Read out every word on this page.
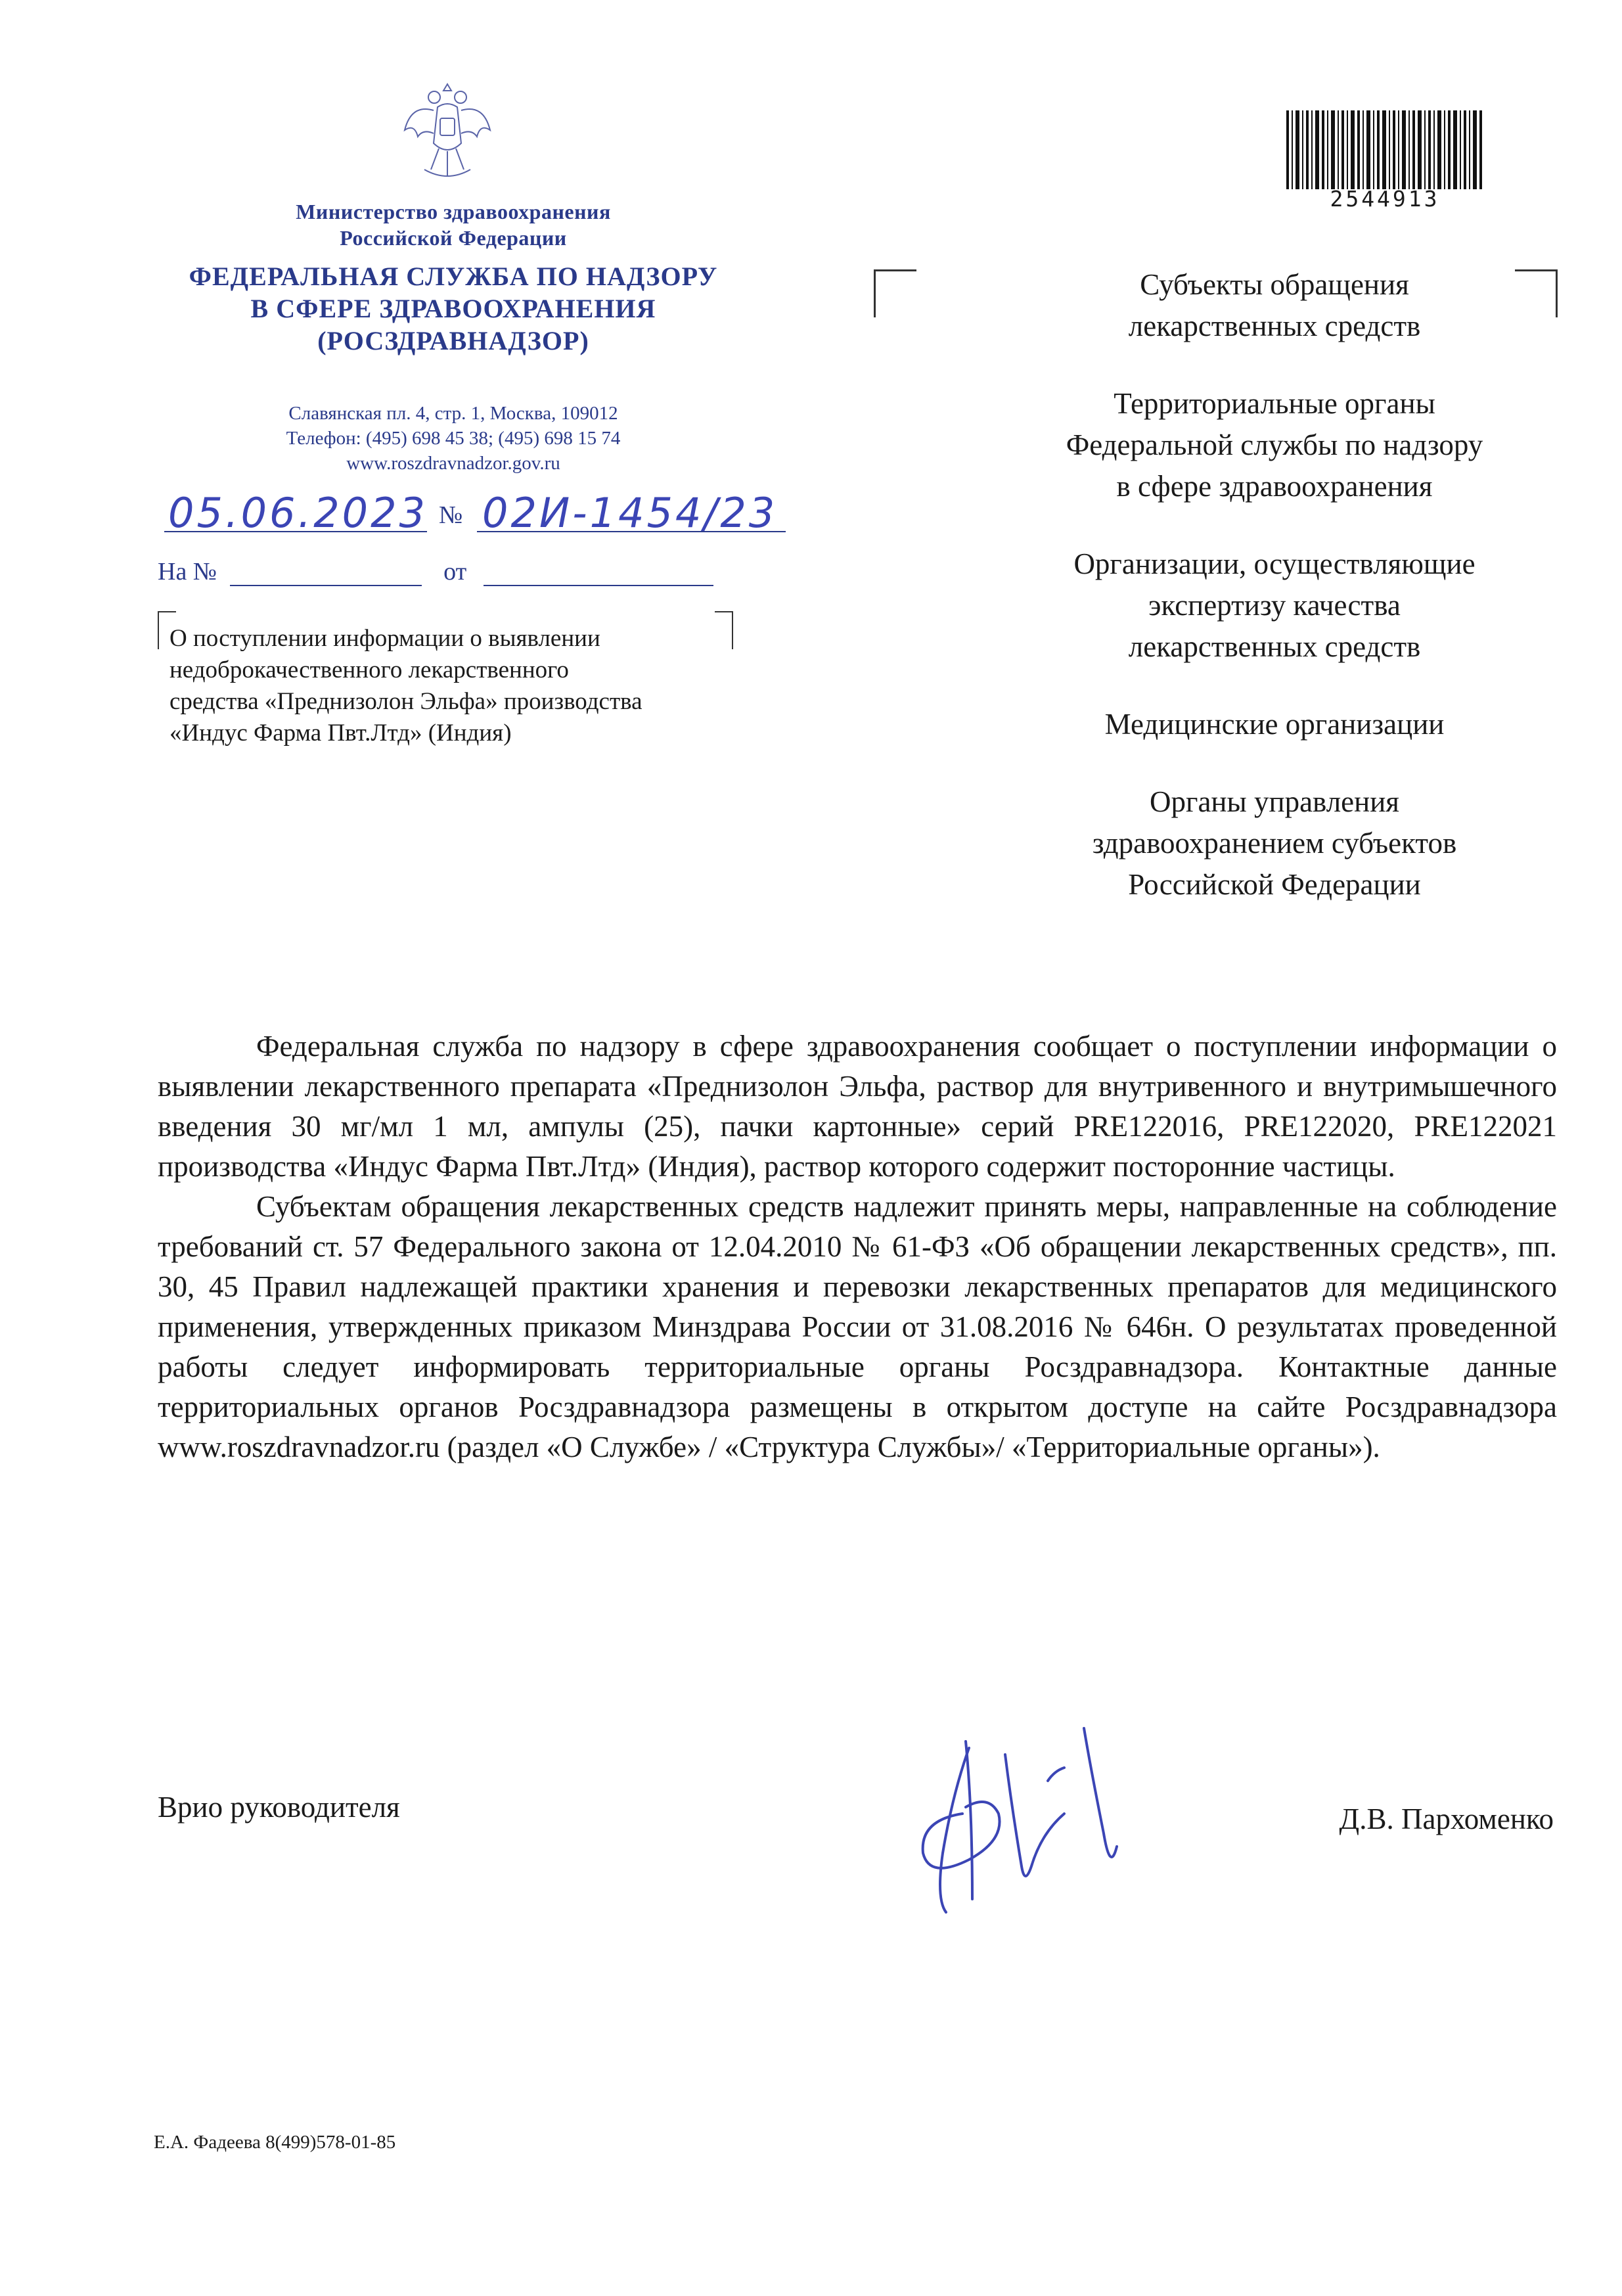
Министерство здравоохранения
Российской Федерации
ФЕДЕРАЛЬНАЯ СЛУЖБА ПО НАДЗОРУ
В СФЕРЕ ЗДРАВООХРАНЕНИЯ
(РОСЗДРАВНАДЗОР)
Славянская пл. 4, стр. 1, Москва, 109012
Телефон: (495) 698 45 38; (495) 698 15 74
www.roszdravnadzor.gov.ru
05.06.2023 № 02И-1454/23
На №	от
О поступлении информации о выявлении
недоброкачественного лекарственного
средства «Преднизолон Эльфа» производства
«Индус Фарма Пвт.Лтд» (Индия)
2544913
Субъекты обращения
лекарственных средств
Территориальные органы
Федеральной службы по надзору
в сфере здравоохранения
Организации, осуществляющие
экспертизу качества
лекарственных средств
Медицинские организации
Органы управления
здравоохранением субъектов
Российской Федерации

Федеральная служба по надзору в сфере здравоохранения сообщает о поступлении информации о выявлении лекарственного препарата «Преднизолон Эльфа, раствор для внутривенного и внутримышечного введения 30 мг/мл 1 мл, ампулы (25), пачки картонные» серий PRE122016, PRE122020, PRE122021 производства «Индус Фарма Пвт.Лтд» (Индия), раствор которого содержит посторонние частицы.

Субъектам обращения лекарственных средств надлежит принять меры, направленные на соблюдение требований ст. 57 Федерального закона от 12.04.2010 № 61-ФЗ «Об обращении лекарственных средств», пп. 30, 45 Правил надлежащей практики хранения и перевозки лекарственных препаратов для медицинского применения, утвержденных приказом Минздрава России от 31.08.2016 № 646н. О результатах проведенной работы следует информировать территориальные органы Росздравнадзора. Контактные данные территориальных органов Росздравнадзора размещены в открытом доступе на сайте Росздравнадзора www.roszdravnadzor.ru (раздел «О Службе» / «Структура Службы»/ «Территориальные органы»).

Врио руководителя	Д.В. Пархоменко
Е.А. Фадеева 8(499)578-01-85
